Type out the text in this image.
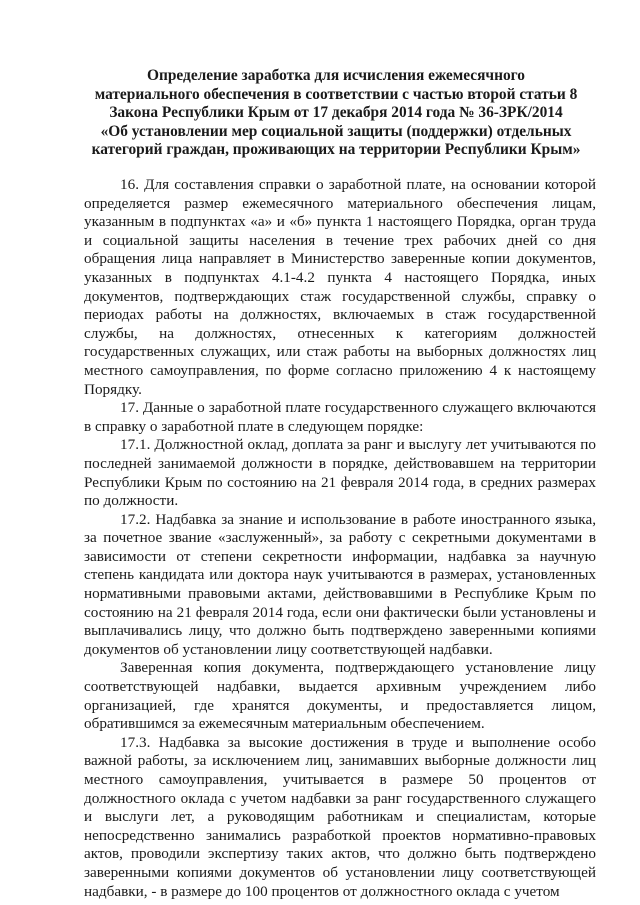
Определение заработка для исчисления ежемесячного
материального обеспечения в соответствии с частью второй статьи 8
Закона Республики Крым от 17 декабря 2014 года № 36-ЗРК/2014
«Об установлении мер социальной защиты (поддержки) отдельных
категорий граждан, проживающих на территории Республики Крым»

16. Для составления справки о заработной плате, на основании которой определяется размер ежемесячного материального обеспечения лицам, указанным в подпунктах «а» и «б» пункта 1 настоящего Порядка, орган труда и социальной защиты населения в течение трех рабочих дней со дня обращения лица направляет в Министерство заверенные копии документов, указанных в подпунктах 4.1-4.2 пункта 4 настоящего Порядка, иных документов, подтверждающих стаж государственной службы, справку о периодах работы на должностях, включаемых в стаж государственной службы, на должностях, отнесенных к категориям должностей государственных служащих, или стаж работы на выборных должностях лиц местного самоуправления, по форме согласно приложению 4 к настоящему Порядку.

17. Данные о заработной плате государственного служащего включаются в справку о заработной плате в следующем порядке:

17.1. Должностной оклад, доплата за ранг и выслугу лет учитываются по последней занимаемой должности в порядке, действовавшем на территории Республики Крым по состоянию на 21 февраля 2014 года, в средних размерах по должности.

17.2. Надбавка за знание и использование в работе иностранного языка, за почетное звание «заслуженный», за работу с секретными документами в зависимости от степени секретности информации, надбавка за научную степень кандидата или доктора наук учитываются в размерах, установленных нормативными правовыми актами, действовавшими в Республике Крым по состоянию на 21 февраля 2014 года, если они фактически были установлены и выплачивались лицу, что должно быть подтверждено заверенными копиями документов об установлении лицу соответствующей надбавки.

Заверенная копия документа, подтверждающего установление лицу соответствующей надбавки, выдается архивным учреждением либо организацией, где хранятся документы, и предоставляется лицом, обратившимся за ежемесячным материальным обеспечением.

17.3. Надбавка за высокие достижения в труде и выполнение особо важной работы, за исключением лиц, занимавших выборные должности лиц местного самоуправления, учитывается в размере 50 процентов от должностного оклада с учетом надбавки за ранг государственного служащего и выслуги лет, а руководящим работникам и специалистам, которые непосредственно занимались разработкой проектов нормативно-правовых актов, проводили экспертизу таких актов, что должно быть подтверждено заверенными копиями документов об установлении лицу соответствующей надбавки, - в размере до 100 процентов от должностного оклада с учетом
